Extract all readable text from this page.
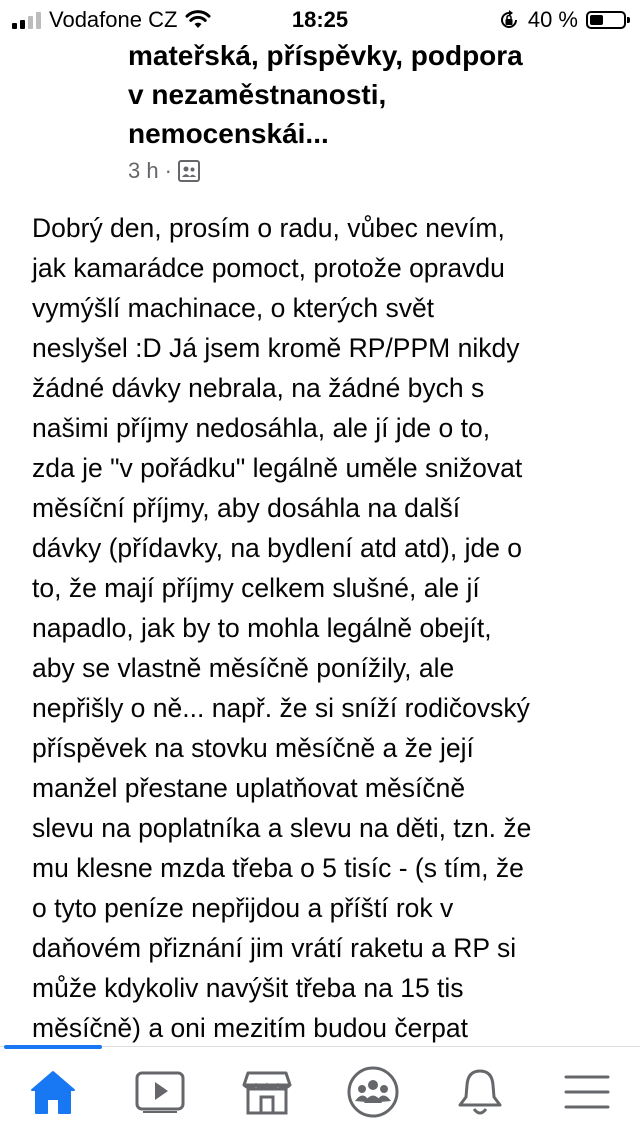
Vodafone CZ	18:25	40 %
mateřská, příspěvky, podpora
v nezaměstnanosti,
nemocenskái...
3 h ·
Dobrý den, prosím o radu, vůbec nevím,
jak kamarádce pomoct, protože opravdu
vymýšlí machinace, o kterých svět
neslyšel :D Já jsem kromě RP/PPM nikdy
žádné dávky nebrala, na žádné bych s
našimi příjmy nedosáhla, ale jí jde o to,
zda je "v pořádku" legálně uměle snižovat
měsíční příjmy, aby dosáhla na další
dávky (přídavky, na bydlení atd atd), jde o
to, že mají příjmy celkem slušné, ale jí
napadlo, jak by to mohla legálně obejít,
aby se vlastně měsíčně ponížily, ale
nepřišly o ně... např. že si sníží rodičovský
příspěvek na stovku měsíčně a že její
manžel přestane uplatňovat měsíčně
slevu na poplatníka a slevu na děti, tzn. že
mu klesne mzda třeba o 5 tisíc - (s tím, že
o tyto peníze nepřijdou a příští rok v
daňovém přiznání jim vrátí raketu a RP si
může kdykoliv navýšit třeba na 15 tis
měsíčně) a oni mezitím budou čerpat
